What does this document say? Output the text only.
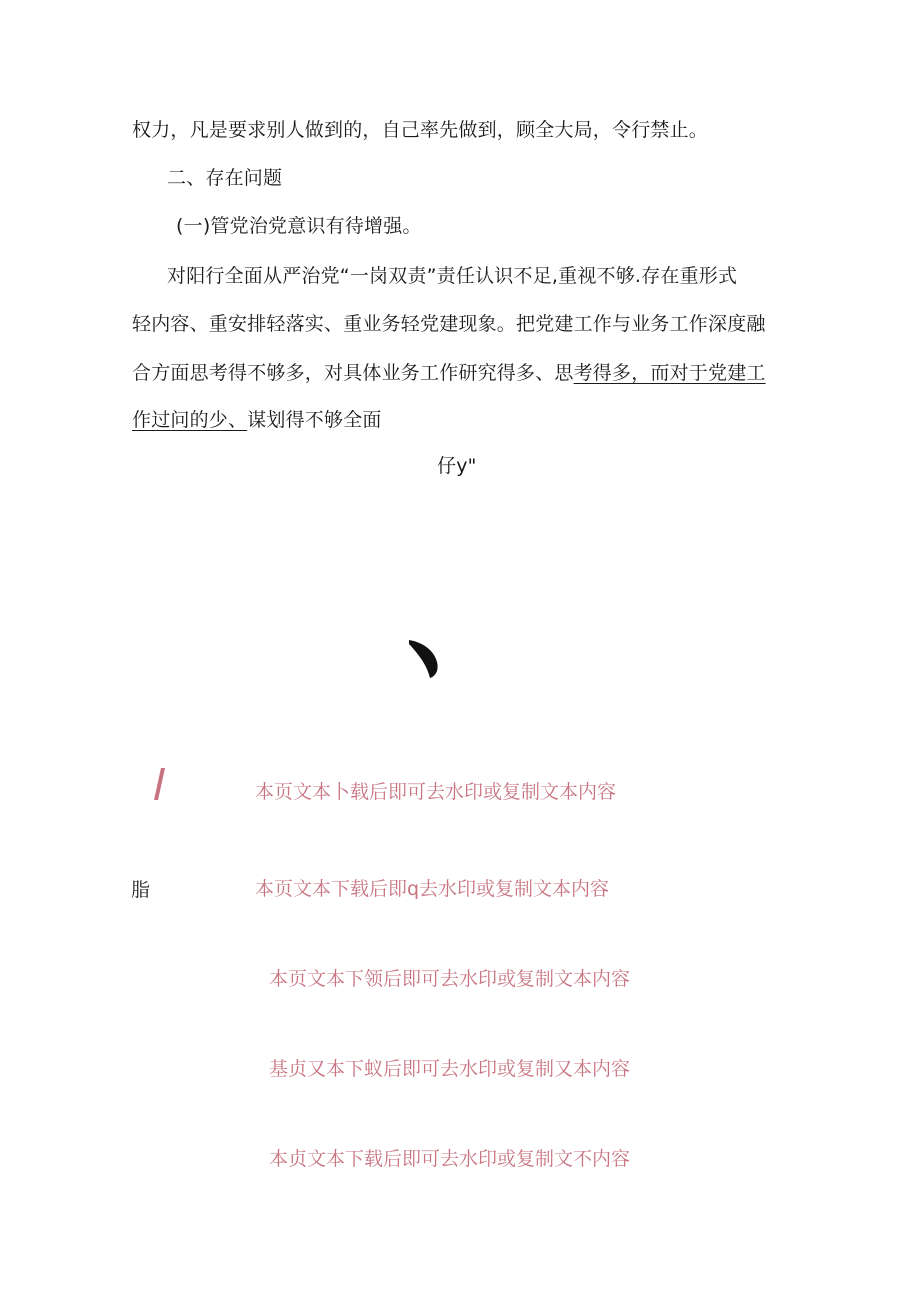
权力，凡是要求别人做到的，自己率先做到，顾全大局，令行禁止。
二、存在问题
(一)管党治党意识有待增强。
对阳行全面从严治党“一岗双责”责任认识不足,重视不够.存在重形式
轻内容、重安排轻落实、重业务轻党建现象。把党建工作与业务工作深度融
合方面思考得不够多，对具体业务工作研究得多、思考得多，而对于党建工
作过问的少、谋划得不够全面
仔y"
脂
本页文本卜载后即可去水印或复制文本内容
本页文本下载后即q去水印或复制文本内容
本页文本下领后即可去水印或复制文本内容
基贞又本下蚁后即可去水印或复制又本内容
本贞文本下载后即可去水印或复制文不内容
